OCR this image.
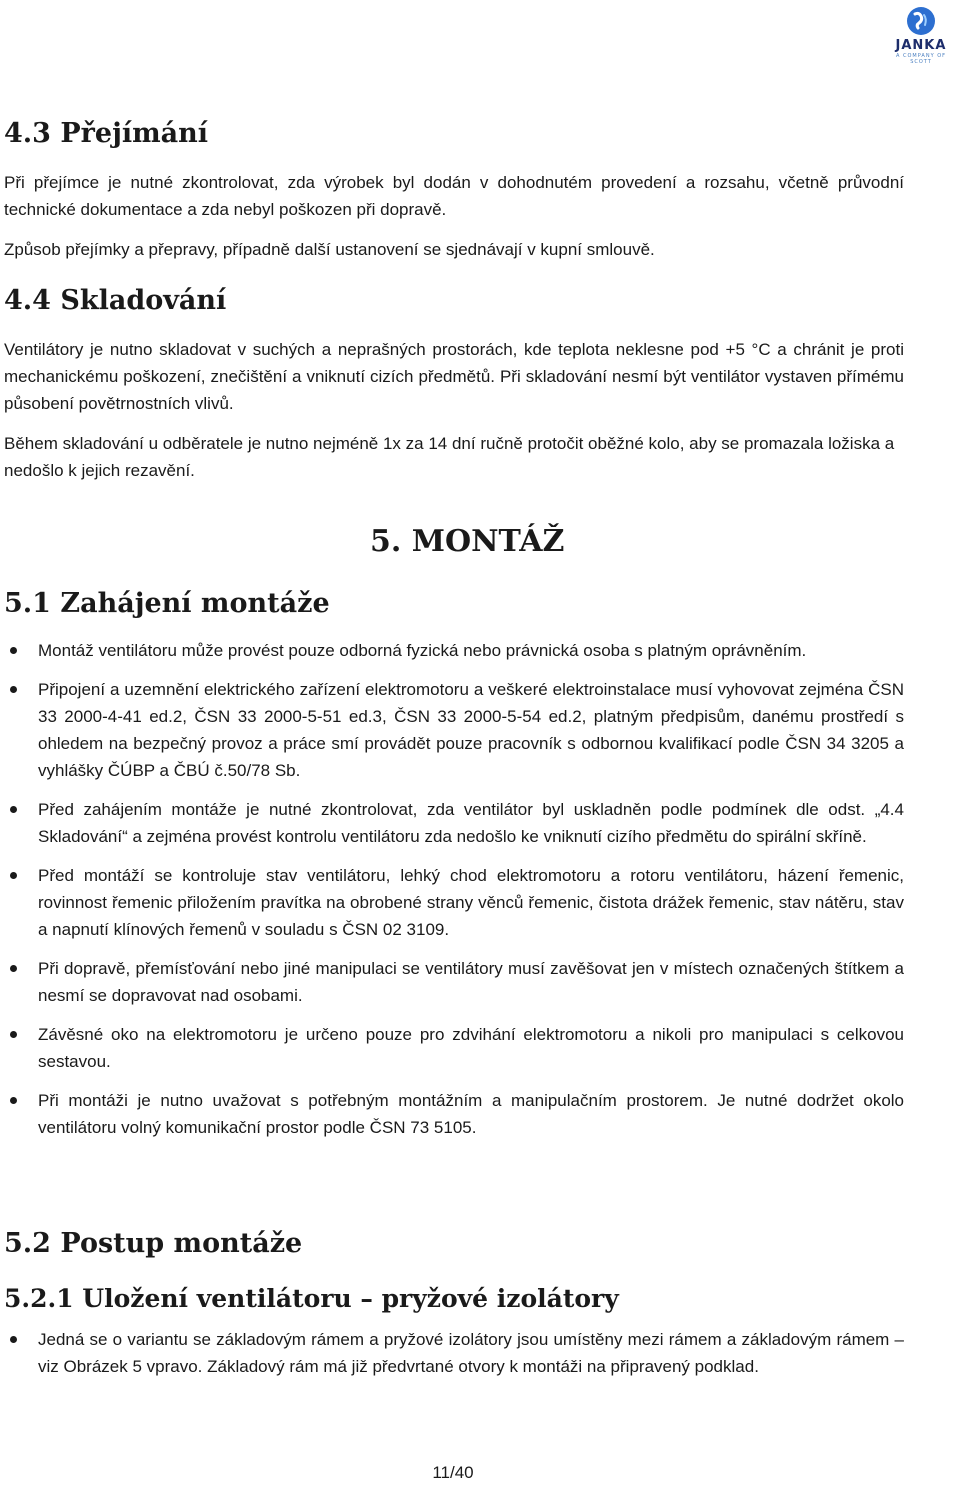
JANKA
A COMPANY OF SCOTT
4.3 Přejímání

Při přejímce je nutné zkontrolovat, zda výrobek byl dodán v dohodnutém provedení a rozsahu, včetně průvodní technické dokumentace a zda nebyl poškozen při dopravě.

Způsob přejímky a přepravy, případně další ustanovení se sjednávají v kupní smlouvě.

4.4 Skladování

Ventilátory je nutno skladovat v suchých a neprašných prostorách, kde teplota neklesne pod +5 °C a chránit je proti mechanickému poškození, znečištění a vniknutí cizích předmětů. Při skladování nesmí být ventilátor vystaven přímému působení povětrnostních vlivů.

Během skladování u odběratele je nutno nejméně 1x za 14 dní ručně protočit oběžné kolo, aby se promazala ložiska a nedošlo k jejich rezavění.

5. MONTÁŽ
5.1 Zahájení montáže
Montáž ventilátoru může provést pouze odborná fyzická nebo právnická osoba s platným oprávněním.
Připojení a uzemnění elektrického zařízení elektromotoru a veškeré elektroinstalace musí vyhovovat zejména ČSN 33 2000-4-41 ed.2, ČSN 33 2000-5-51 ed.3, ČSN 33 2000-5-54 ed.2, platným předpisům, danému prostředí s ohledem na bezpečný provoz a práce smí provádět pouze pracovník s odbornou kvalifikací podle ČSN 34 3205 a vyhlášky ČÚBP a ČBÚ č.50/78 Sb.
Před zahájením montáže je nutné zkontrolovat, zda ventilátor byl uskladněn podle podmínek dle odst. „4.4 Skladování“ a zejména provést kontrolu ventilátoru zda nedošlo ke vniknutí cizího předmětu do spirální skříně.
Před montáží se kontroluje stav ventilátoru, lehký chod elektromotoru a rotoru ventilátoru, házení řemenic, rovinnost řemenic přiložením pravítka na obrobené strany věnců řemenic, čistota drážek řemenic, stav nátěru, stav a napnutí klínových řemenů v souladu s ČSN 02 3109.
Při dopravě, přemísťování nebo jiné manipulaci se ventilátory musí zavěšovat jen v místech označených štítkem a nesmí se dopravovat nad osobami.
Závěsné oko na elektromotoru je určeno pouze pro zdvihání elektromotoru a nikoli pro manipulaci s celkovou sestavou.
Při montáži je nutno uvažovat s potřebným montážním a manipulačním prostorem. Je nutné dodržet okolo ventilátoru volný komunikační prostor podle ČSN 73 5105.
5.2 Postup montáže
5.2.1 Uložení ventilátoru – pryžové izolátory
Jedná se o variantu se základovým rámem a pryžové izolátory jsou umístěny mezi rámem a základovým rámem – viz Obrázek 5 vpravo. Základový rám má již předvrtané otvory k montáži na připravený podklad.
11/40
